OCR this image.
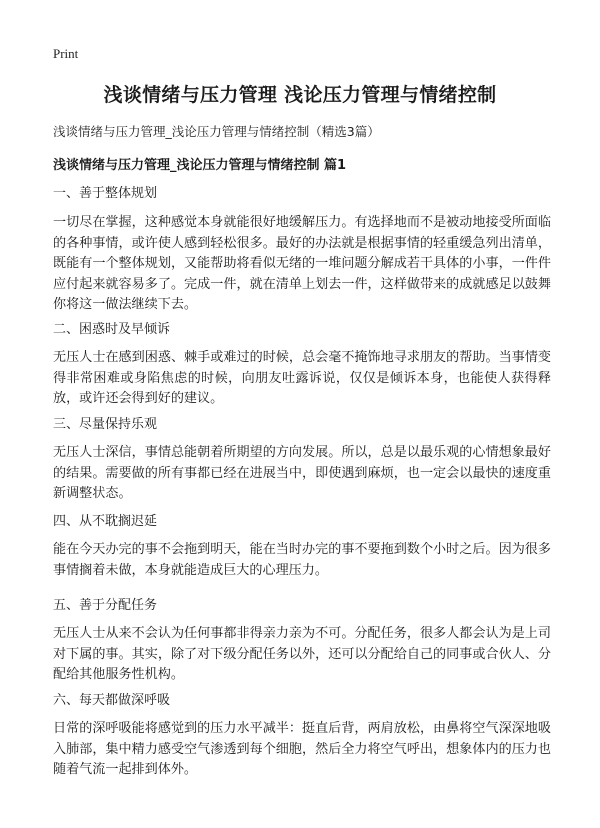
Print
浅谈情绪与压力管理 浅论压力管理与情绪控制
浅谈情绪与压力管理_浅论压力管理与情绪控制（精选3篇）
浅谈情绪与压力管理_浅论压力管理与情绪控制 篇1
一、善于整体规划

一切尽在掌握，这种感觉本身就能很好地缓解压力。有选择地而不是被动地接受所面临的各种事情，或许使人感到轻松很多。最好的办法就是根据事情的轻重缓急列出清单，既能有一个整体规划，又能帮助将看似无绪的一堆问题分解成若干具体的小事，一件件应付起来就容易多了。完成一件，就在清单上划去一件，这样做带来的成就感足以鼓舞你将这一做法继续下去。

二、困惑时及早倾诉

无压人士在感到困惑、棘手或难过的时候，总会毫不掩饰地寻求朋友的帮助。当事情变得非常困难或身陷焦虑的时候，向朋友吐露诉说，仅仅是倾诉本身，也能使人获得释放，或许还会得到好的建议。

三、尽量保持乐观

无压人士深信，事情总能朝着所期望的方向发展。所以，总是以最乐观的心情想象最好的结果。需要做的所有事都已经在进展当中，即使遇到麻烦，也一定会以最快的速度重新调整状态。

四、从不耽搁迟延

能在今天办完的事不会拖到明天，能在当时办完的事不要拖到数个小时之后。因为很多事情搁着未做，本身就能造成巨大的心理压力。

五、善于分配任务

无压人士从来不会认为任何事都非得亲力亲为不可。分配任务，很多人都会认为是上司对下属的事。其实，除了对下级分配任务以外，还可以分配给自己的同事或合伙人、分配给其他服务性机构。

六、每天都做深呼吸

日常的深呼吸能将感觉到的压力水平减半：挺直后背，两肩放松，由鼻将空气深深地吸入肺部，集中精力感受空气渗透到每个细胞，然后全力将空气呼出，想象体内的压力也随着气流一起排到体外。
